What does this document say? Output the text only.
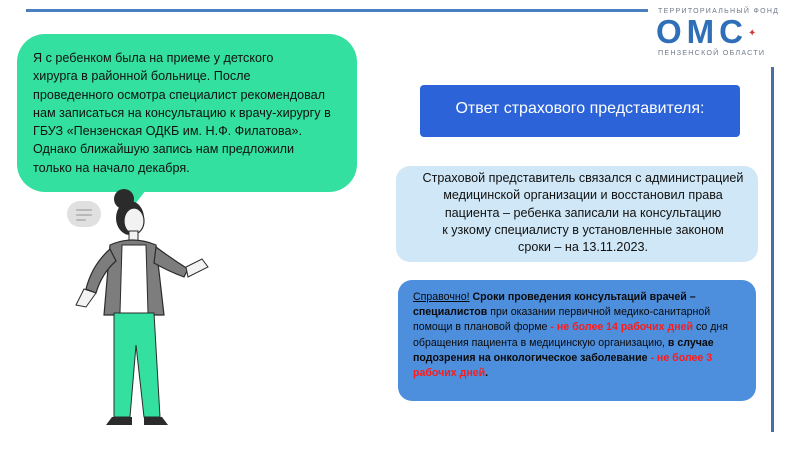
ТЕРРИТОРИАЛЬНЫЙ ФОНД
ОМС ✦
ПЕНЗЕНСКОЙ ОБЛАСТИ
Я с ребенком была на приеме у детского
хирурга в районной больнице. После
проведенного осмотра специалист рекомендовал
нам записаться на консультацию к врачу-хирургу в
ГБУЗ «Пензенская ОДКБ им. Н.Ф. Филатова».
Однако ближайшую запись нам предложили
только на начало декабря.
Ответ страхового представителя:
Страховой представитель связался с администрацией
медицинской организации и восстановил права
пациента – ребенка записали на консультацию
к узкому специалисту в установленные законом
сроки – на 13.11.2023.
Справочно! Сроки проведения консультаций врачей – специалистов при оказании первичной медико-санитарной помощи в плановой форме - не более 14 рабочих дней со дня обращения пациента в медицинскую организацию, в случае подозрения на онкологическое заболевание - не более 3 рабочих дней.
